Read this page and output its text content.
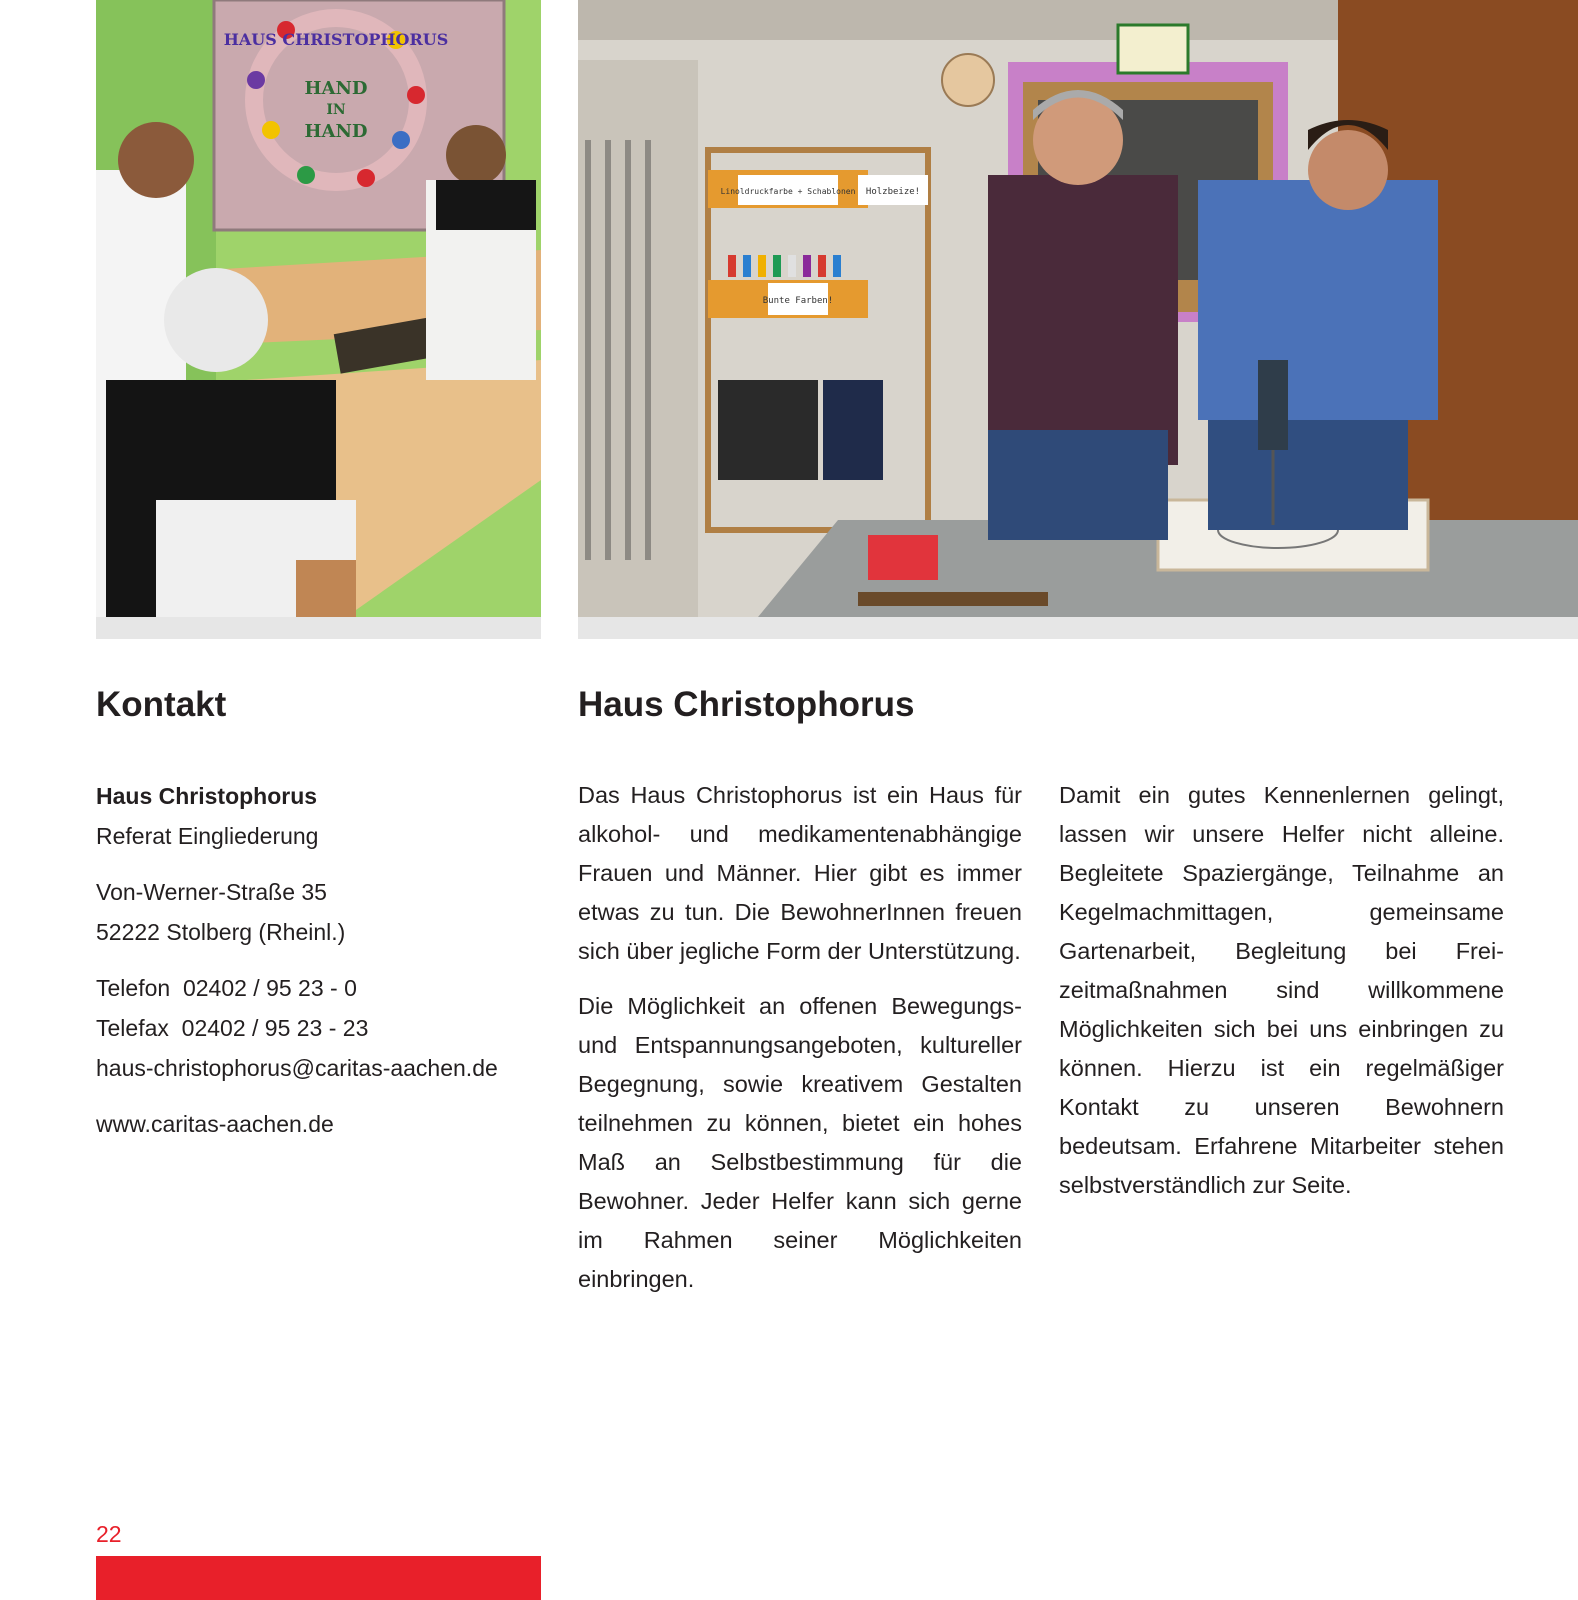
HAUS CHRISTOPHORUS
HAND
IN
HAND
Linoldruckfarbe + Schablonen Holzbeize!
Bunte Farben!
Kontakt	Haus Christophorus

Haus Christophorus
Referat Eingliederung

Von-Werner-Straße 35
52222 Stolberg (Rheinl.)

Telefon  02402 / 95 23 - 0
Telefax  02402 / 95 23 - 23
haus-christophorus@caritas-aachen.de

www.caritas-aachen.de

Das Haus Christophorus ist ein Haus für alkohol- und medikamentenabhängige Frauen und Männer. Hier gibt es immer etwas zu tun. Die BewohnerInnen freuen sich über jegliche Form der Unterstützung.

Die Möglichkeit an offenen Bewegungs- und Entspannungsangeboten, kultureller Begegnung, sowie kreativem Gestalten teilnehmen zu können, bietet ein hohes Maß an Selbstbestimmung für die Bewohner. Jeder Helfer kann sich gerne im Rahmen seiner Möglichkeiten einbringen.

Damit ein gutes Kennenlernen gelingt, lassen wir unsere Helfer nicht alleine. Begleitete Spaziergänge, Teilnahme an Kegelmachmittagen, gemeinsame Gartenarbeit, Begleitung bei Freizeitmaßnahmen sind willkommene Möglichkeiten sich bei uns einbringen zu können. Hierzu ist ein regelmäßiger Kontakt zu unseren Bewohnern bedeutsam. Erfahrene Mitarbeiter stehen selbstverständlich zur Seite.

22
